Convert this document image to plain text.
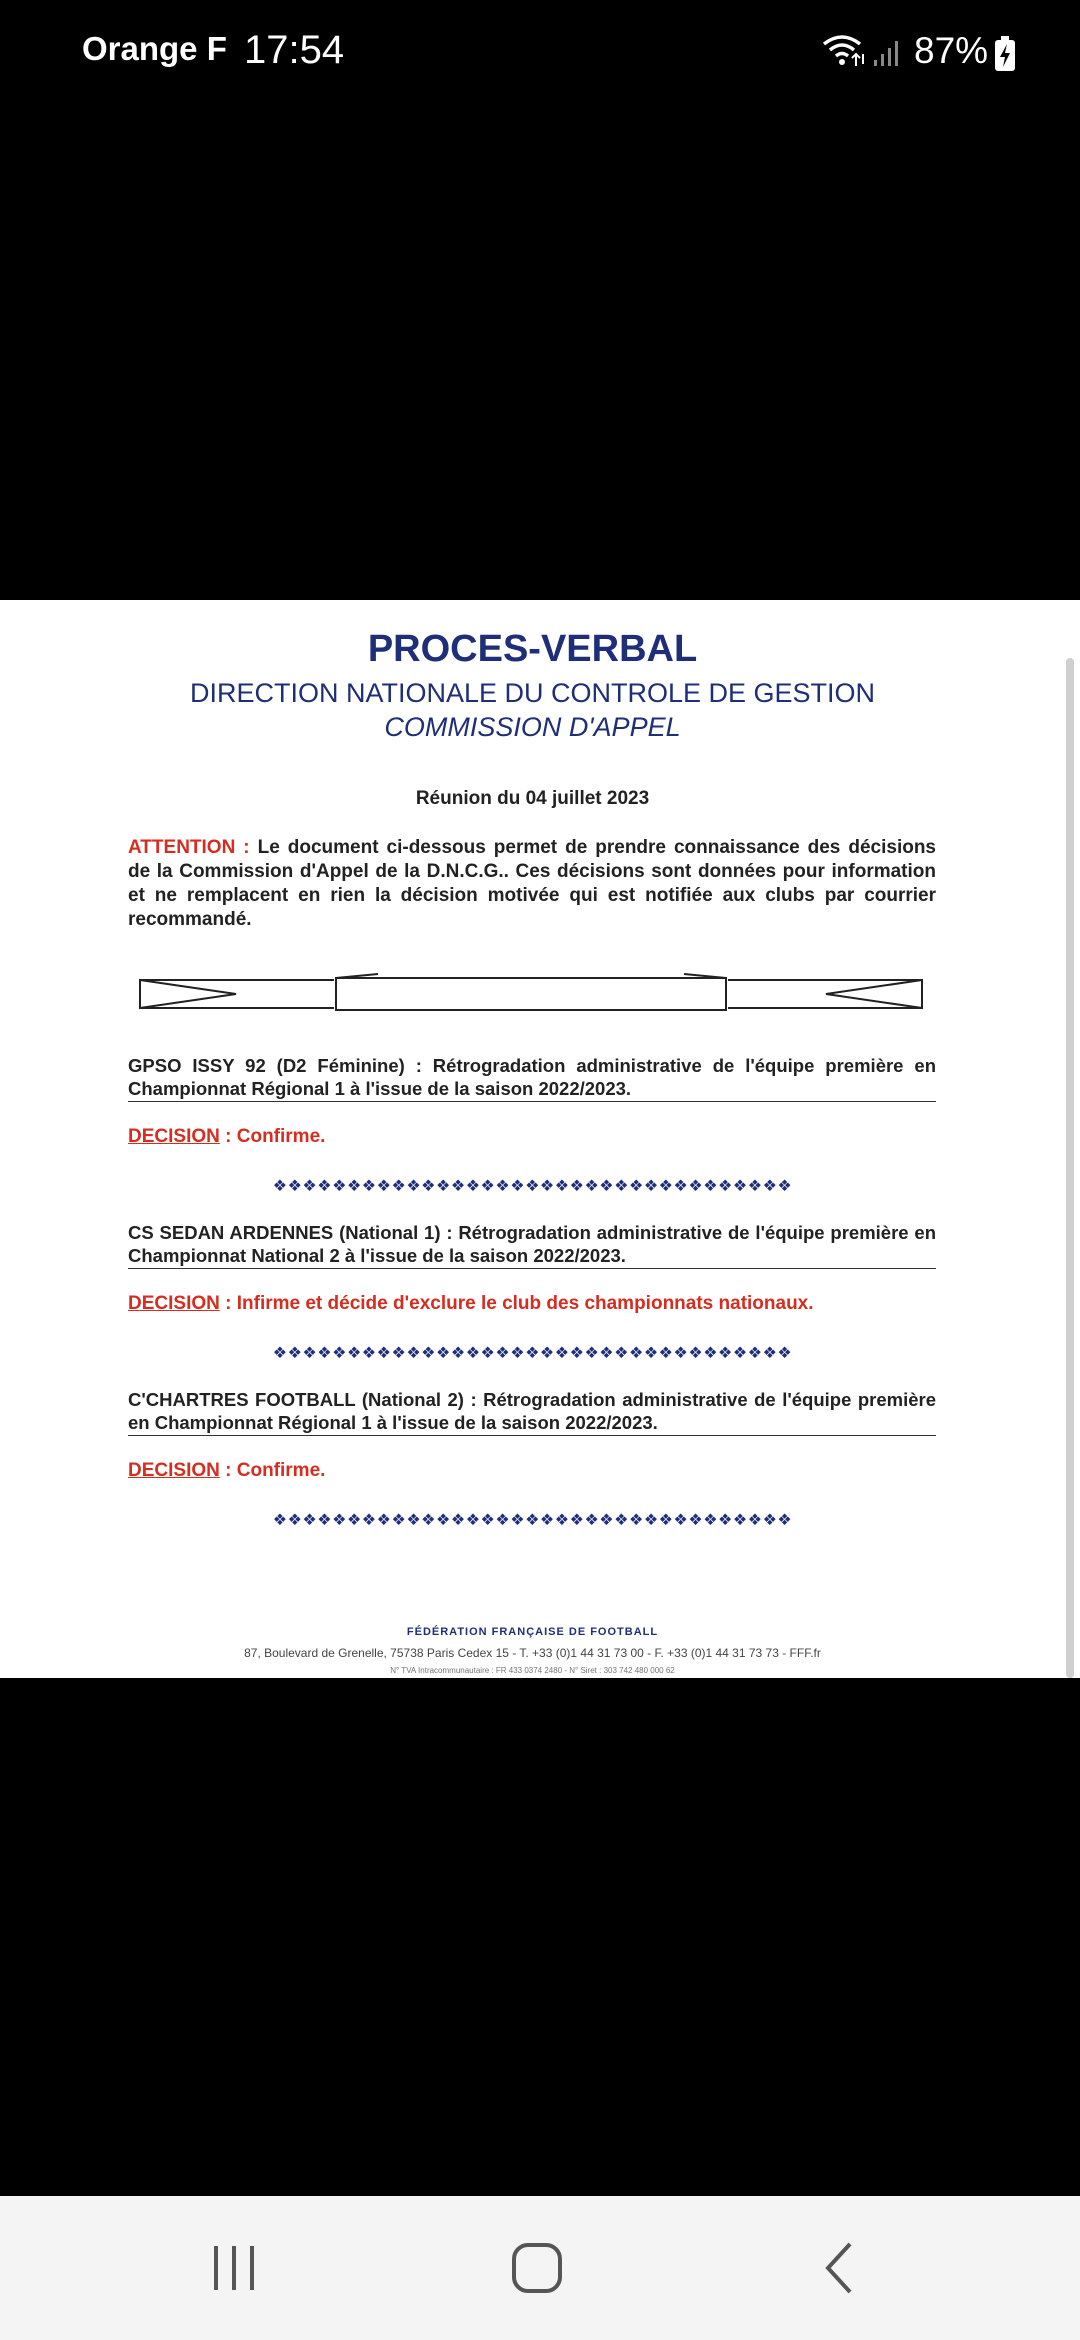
Orange F 17:54	87%
PROCES-VERBAL
DIRECTION NATIONALE DU CONTROLE DE GESTION
COMMISSION D'APPEL
Réunion du 04 juillet 2023
ATTENTION : Le document ci-dessous permet de prendre connaissance des décisions de la Commission d'Appel de la D.N.C.G.. Ces décisions sont données pour information et ne remplacent en rien la décision motivée qui est notifiée aux clubs par courrier recommandé.
GPSO ISSY 92 (D2 Féminine) : Rétrogradation administrative de l'équipe première en Championnat Régional 1 à l'issue de la saison 2022/2023.
DECISION : Confirme.
❖❖❖❖❖❖❖❖❖❖❖❖❖❖❖❖❖❖❖❖❖❖❖❖❖❖❖❖❖❖❖❖❖❖❖
CS SEDAN ARDENNES (National 1) : Rétrogradation administrative de l'équipe première en Championnat National 2 à l'issue de la saison 2022/2023.
DECISION : Infirme et décide d'exclure le club des championnats nationaux.
❖❖❖❖❖❖❖❖❖❖❖❖❖❖❖❖❖❖❖❖❖❖❖❖❖❖❖❖❖❖❖❖❖❖❖
C'CHARTRES FOOTBALL (National 2) : Rétrogradation administrative de l'équipe première en Championnat Régional 1 à l'issue de la saison 2022/2023.
DECISION : Confirme.
❖❖❖❖❖❖❖❖❖❖❖❖❖❖❖❖❖❖❖❖❖❖❖❖❖❖❖❖❖❖❖❖❖❖❖
FÉDÉRATION FRANÇAISE DE FOOTBALL
87, Boulevard de Grenelle, 75738 Paris Cedex 15 - T. +33 (0)1 44 31 73 00 - F. +33 (0)1 44 31 73 73 - FFF.fr
N° TVA Intracommunautaire : FR 433 0374 2480 - N° Siret : 303 742 480 000 62
